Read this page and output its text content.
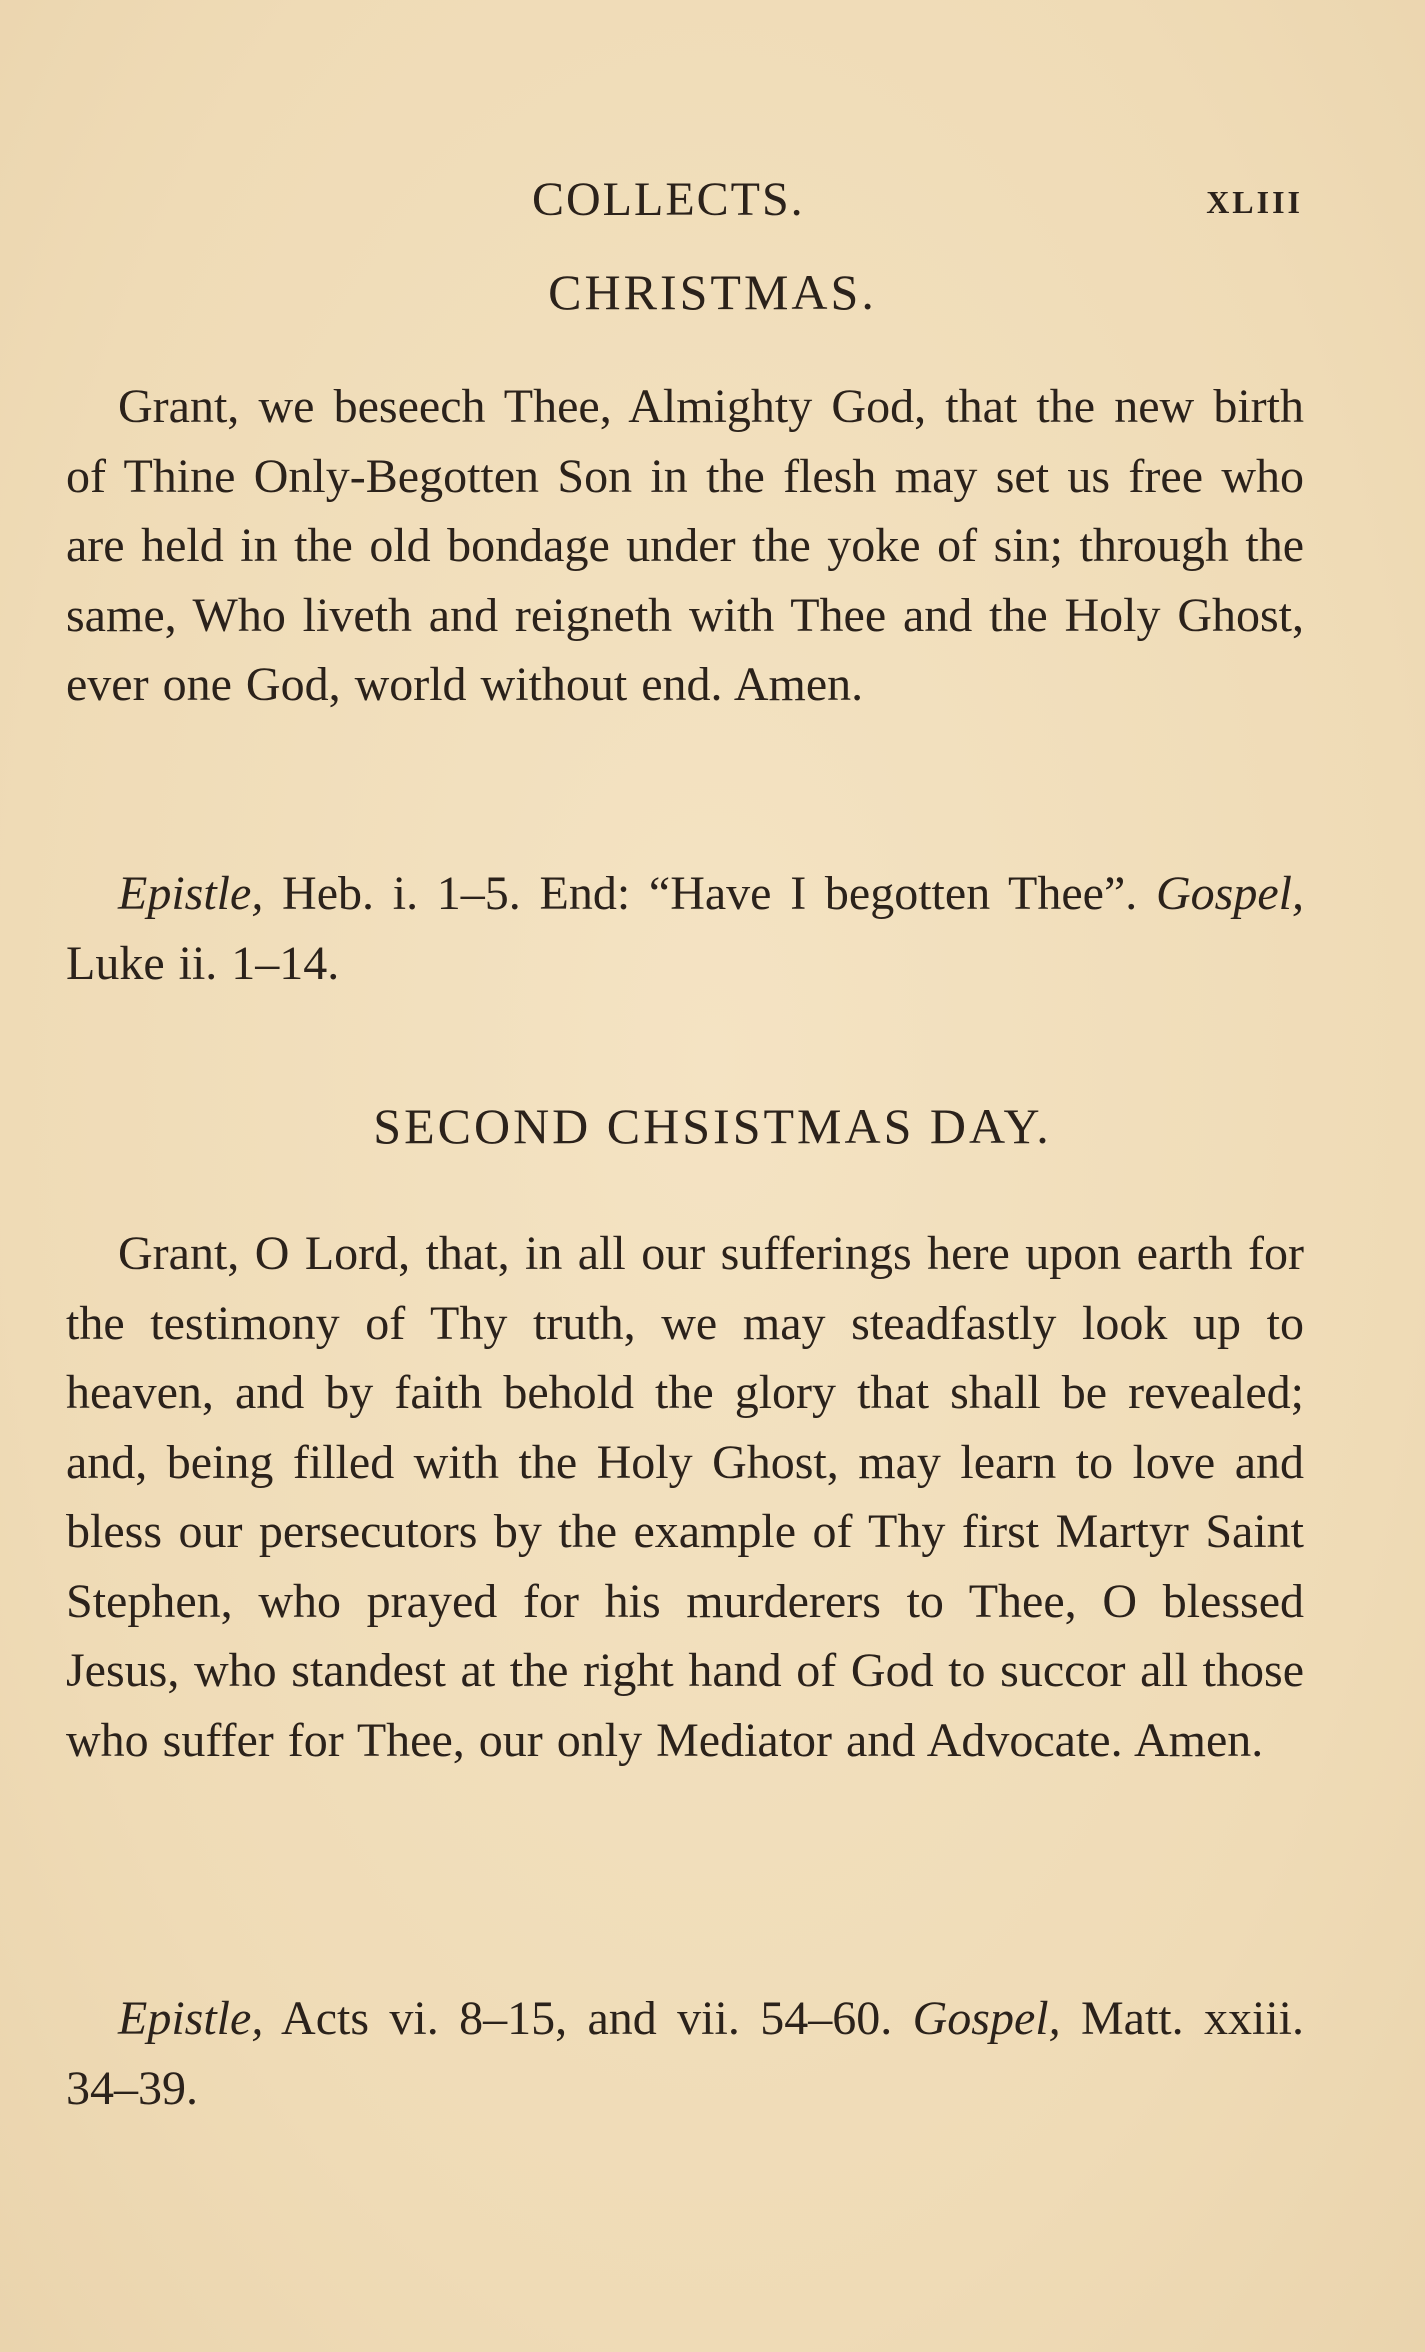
COLLECTS.	XLIII
CHRISTMAS.

Grant, we beseech Thee, Almighty God, that the new birth of Thine Only-Begotten Son in the flesh may set us free who are held in the old bondage under the yoke of sin; through the same, Who liveth and reigneth with Thee and the Holy Ghost, ever one God, world without end. Amen.

Epistle, Heb. i. 1–5. End: “Have I begotten Thee”. Gospel, Luke ii. 1–14.

SECOND CHSISTMAS DAY.

Grant, O Lord, that, in all our sufferings here upon earth for the testimony of Thy truth, we may steadfastly look up to heaven, and by faith behold the glory that shall be revealed; and, being filled with the Holy Ghost, may learn to love and bless our persecutors by the example of Thy first Martyr Saint Stephen, who prayed for his murderers to Thee, O blessed Jesus, who standest at the right hand of God to succor all those who suffer for Thee, our only Mediator and Advocate. Amen.

Epistle, Acts vi. 8–15, and vii. 54–60. Gospel, Matt. xxiii. 34–39.
